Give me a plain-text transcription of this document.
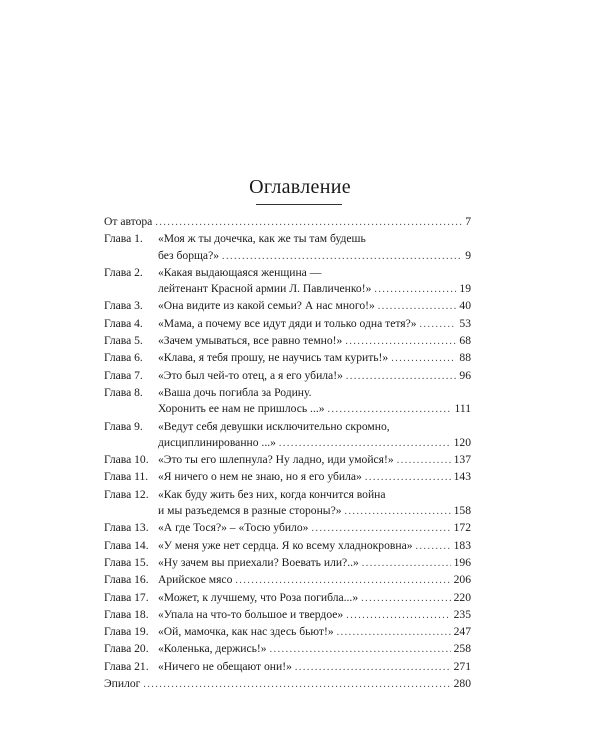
Оглавление
От автора .....	7
Глава 1.	«Моя ж ты дочечка, как же ты там будешь
без борща?» .....	9
Глава 2.	«Какая выдающаяся женщина —
лейтенант Красной армии Л. Павличенко!» .....	19
Глава 3.	«Она видите из какой семьи? А нас много!» .....	40
Глава 4.	«Мама, а почему все идут дяди и только одна тетя?» .....	53
Глава 5.	«Зачем умываться, все равно темно!» .....	68
Глава 6.	«Клава, я тебя прошу, не научись там курить!» .....	88
Глава 7.	«Это был чей-то отец, а я его убила!» .....	96
Глава 8.	«Ваша дочь погибла за Родину.
Хоронить ее нам не пришлось ...» .....	111
Глава 9.	«Ведут себя девушки исключительно скромно,
дисциплинированно ...» .....	120
Глава 10. «Это ты его шлепнула? Ну ладно, иди умойся!» .....	137
Глава 11. «Я ничего о нем не знаю, но я его убила» .....	143
Глава 12. «Как буду жить без них, когда кончится война
и мы разъедемся в разные стороны?» .....	158
Глава 13. «А где Тося?» – «Тосю убило» .....	172
Глава 14. «У меня уже нет сердца. Я ко всему хладнокровна» .....	183
Глава 15. «Ну зачем вы приехали? Воевать или?..» .....	196
Глава 16. Арийское мясо .....	206
Глава 17. «Может, к лучшему, что Роза погибла...» .....	220
Глава 18. «Упала на что-то большое и твердое» .....	235
Глава 19. «Ой, мамочка, как нас здесь бьют!» .....	247
Глава 20. «Коленька, держись!» .....	258
Глава 21. «Ничего не обещают они!» .....	271
Эпилог .....	280
